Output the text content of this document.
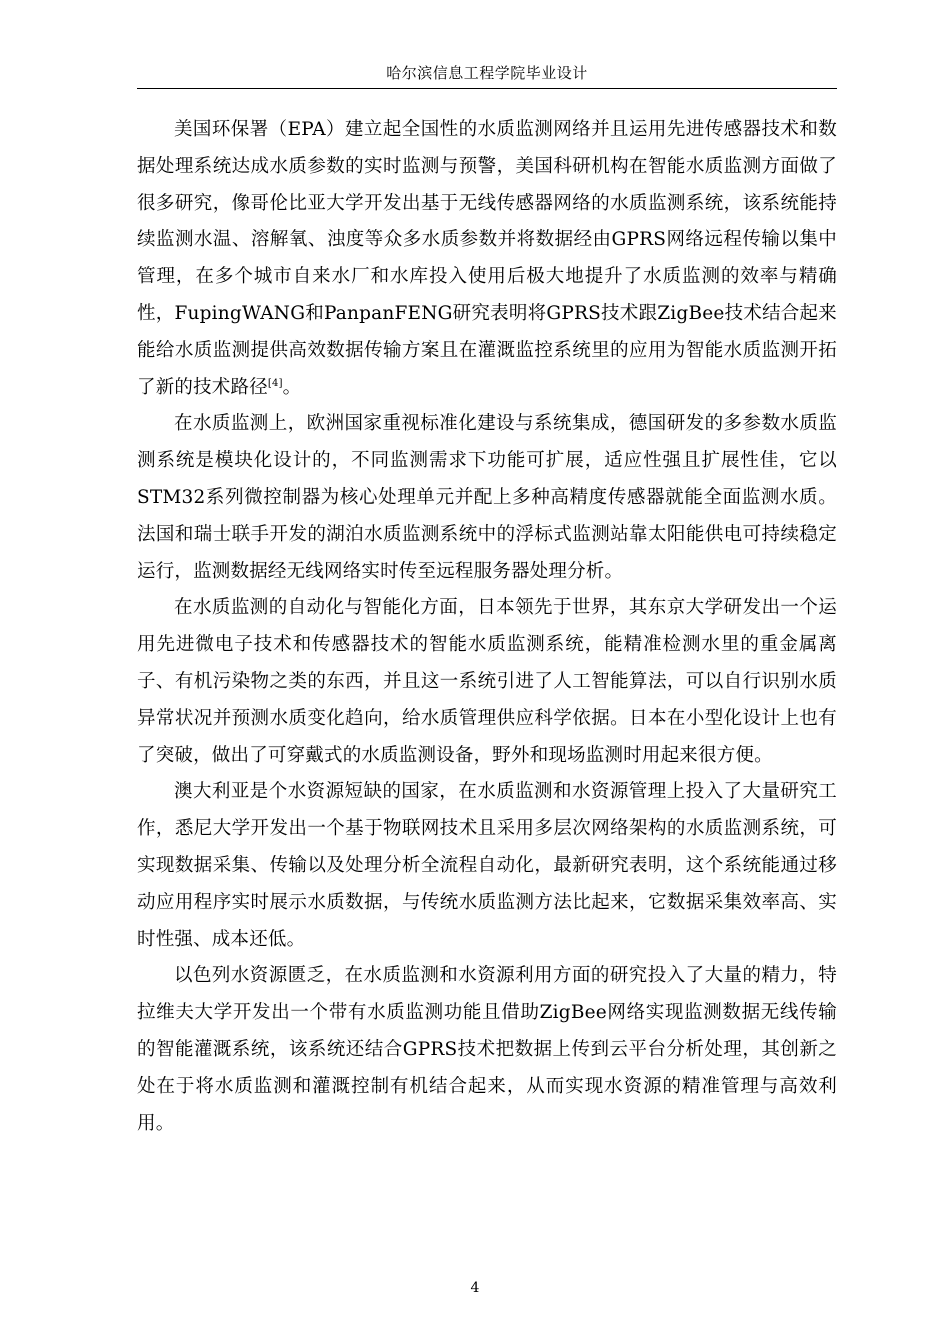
哈尔滨信息工程学院毕业设计

美国环保署（EPA）建立起全国性的水质监测网络并且运用先进传感器技术和数据处理系统达成水质参数的实时监测与预警，美国科研机构在智能水质监测方面做了很多研究，像哥伦比亚大学开发出基于无线传感器网络的水质监测系统，该系统能持续监测水温、溶解氧、浊度等众多水质参数并将数据经由GPRS网络远程传输以集中管理，在多个城市自来水厂和水库投入使用后极大地提升了水质监测的效率与精确性，FupingWANG和PanpanFENG研究表明将GPRS技术跟ZigBee技术结合起来能给水质监测提供高效数据传输方案且在灌溉监控系统里的应用为智能水质监测开拓了新的技术路径[4]。

在水质监测上，欧洲国家重视标准化建设与系统集成，德国研发的多参数水质监测系统是模块化设计的，不同监测需求下功能可扩展，适应性强且扩展性佳，它以STM32系列微控制器为核心处理单元并配上多种高精度传感器就能全面监测水质。法国和瑞士联手开发的湖泊水质监测系统中的浮标式监测站靠太阳能供电可持续稳定运行，监测数据经无线网络实时传至远程服务器处理分析。

在水质监测的自动化与智能化方面，日本领先于世界，其东京大学研发出一个运用先进微电子技术和传感器技术的智能水质监测系统，能精准检测水里的重金属离子、有机污染物之类的东西，并且这一系统引进了人工智能算法，可以自行识别水质异常状况并预测水质变化趋向，给水质管理供应科学依据。日本在小型化设计上也有了突破，做出了可穿戴式的水质监测设备，野外和现场监测时用起来很方便。

澳大利亚是个水资源短缺的国家，在水质监测和水资源管理上投入了大量研究工作，悉尼大学开发出一个基于物联网技术且采用多层次网络架构的水质监测系统，可实现数据采集、传输以及处理分析全流程自动化，最新研究表明，这个系统能通过移动应用程序实时展示水质数据，与传统水质监测方法比起来，它数据采集效率高、实时性强、成本还低。

以色列水资源匮乏，在水质监测和水资源利用方面的研究投入了大量的精力，特拉维夫大学开发出一个带有水质监测功能且借助ZigBee网络实现监测数据无线传输的智能灌溉系统，该系统还结合GPRS技术把数据上传到云平台分析处理，其创新之处在于将水质监测和灌溉控制有机结合起来，从而实现水资源的精准管理与高效利用。

4
